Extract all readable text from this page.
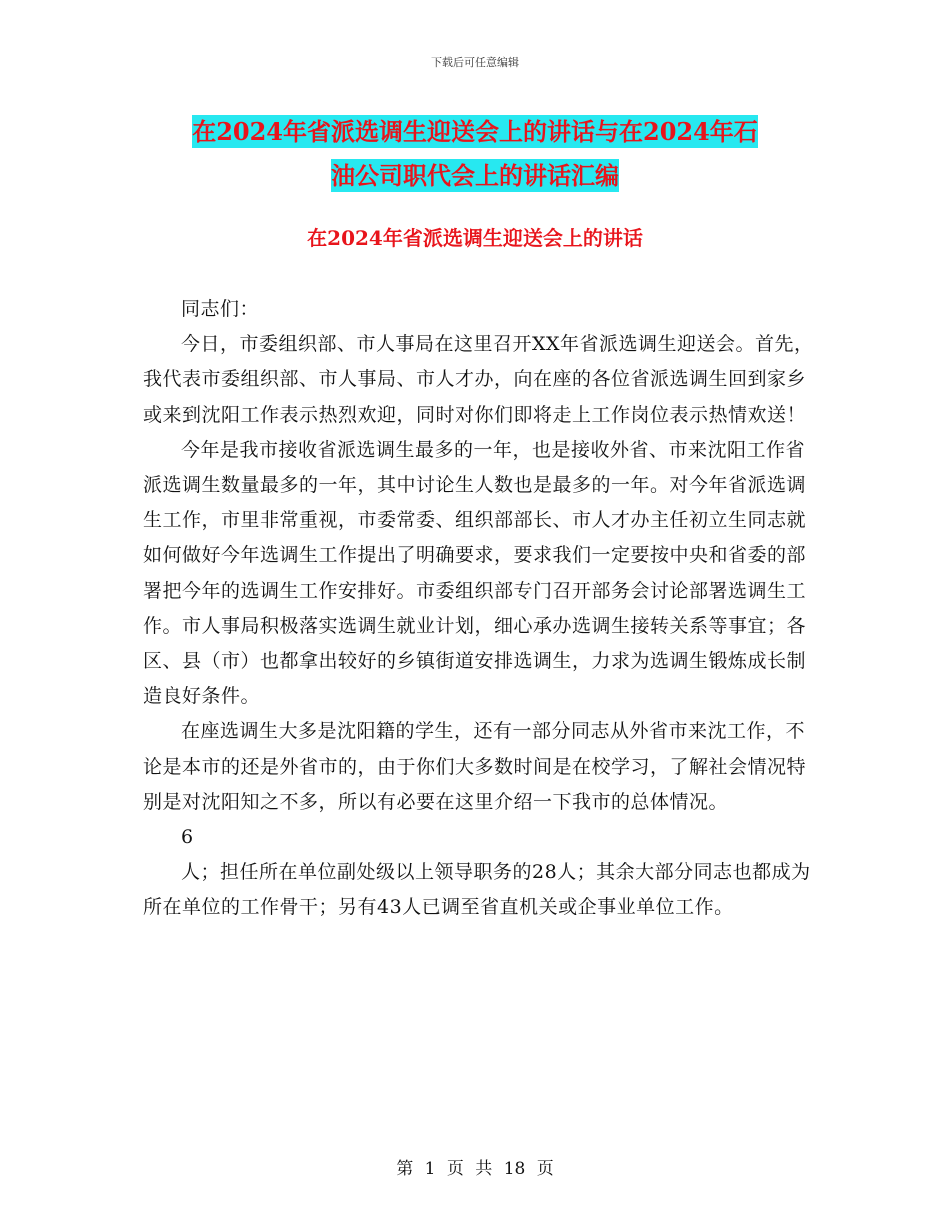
下载后可任意编辑
在2024年省派选调生迎送会上的讲话与在2024年石
油公司职代会上的讲话汇编
在2024年省派选调生迎送会上的讲话

同志们：

今日，市委组织部、市人事局在这里召开XX年省派选调生迎送会。首先，我代表市委组织部、市人事局、市人才办，向在座的各位省派选调生回到家乡或来到沈阳工作表示热烈欢迎，同时对你们即将走上工作岗位表示热情欢送！

今年是我市接收省派选调生最多的一年，也是接收外省、市来沈阳工作省派选调生数量最多的一年，其中讨论生人数也是最多的一年。对今年省派选调生工作，市里非常重视，市委常委、组织部部长、市人才办主任初立生同志就如何做好今年选调生工作提出了明确要求，要求我们一定要按中央和省委的部署把今年的选调生工作安排好。市委组织部专门召开部务会讨论部署选调生工作。市人事局积极落实选调生就业计划，细心承办选调生接转关系等事宜；各区、县（市）也都拿出较好的乡镇街道安排选调生，力求为选调生锻炼成长制造良好条件。

在座选调生大多是沈阳籍的学生，还有一部分同志从外省市来沈工作，不论是本市的还是外省市的，由于你们大多数时间是在校学习，了解社会情况特别是对沈阳知之不多，所以有必要在这里介绍一下我市的总体情况。

6

人；担任所在单位副处级以上领导职务的28人；其余大部分同志也都成为所在单位的工作骨干；另有43人已调至省直机关或企事业单位工作。

第 1 页 共 18 页
